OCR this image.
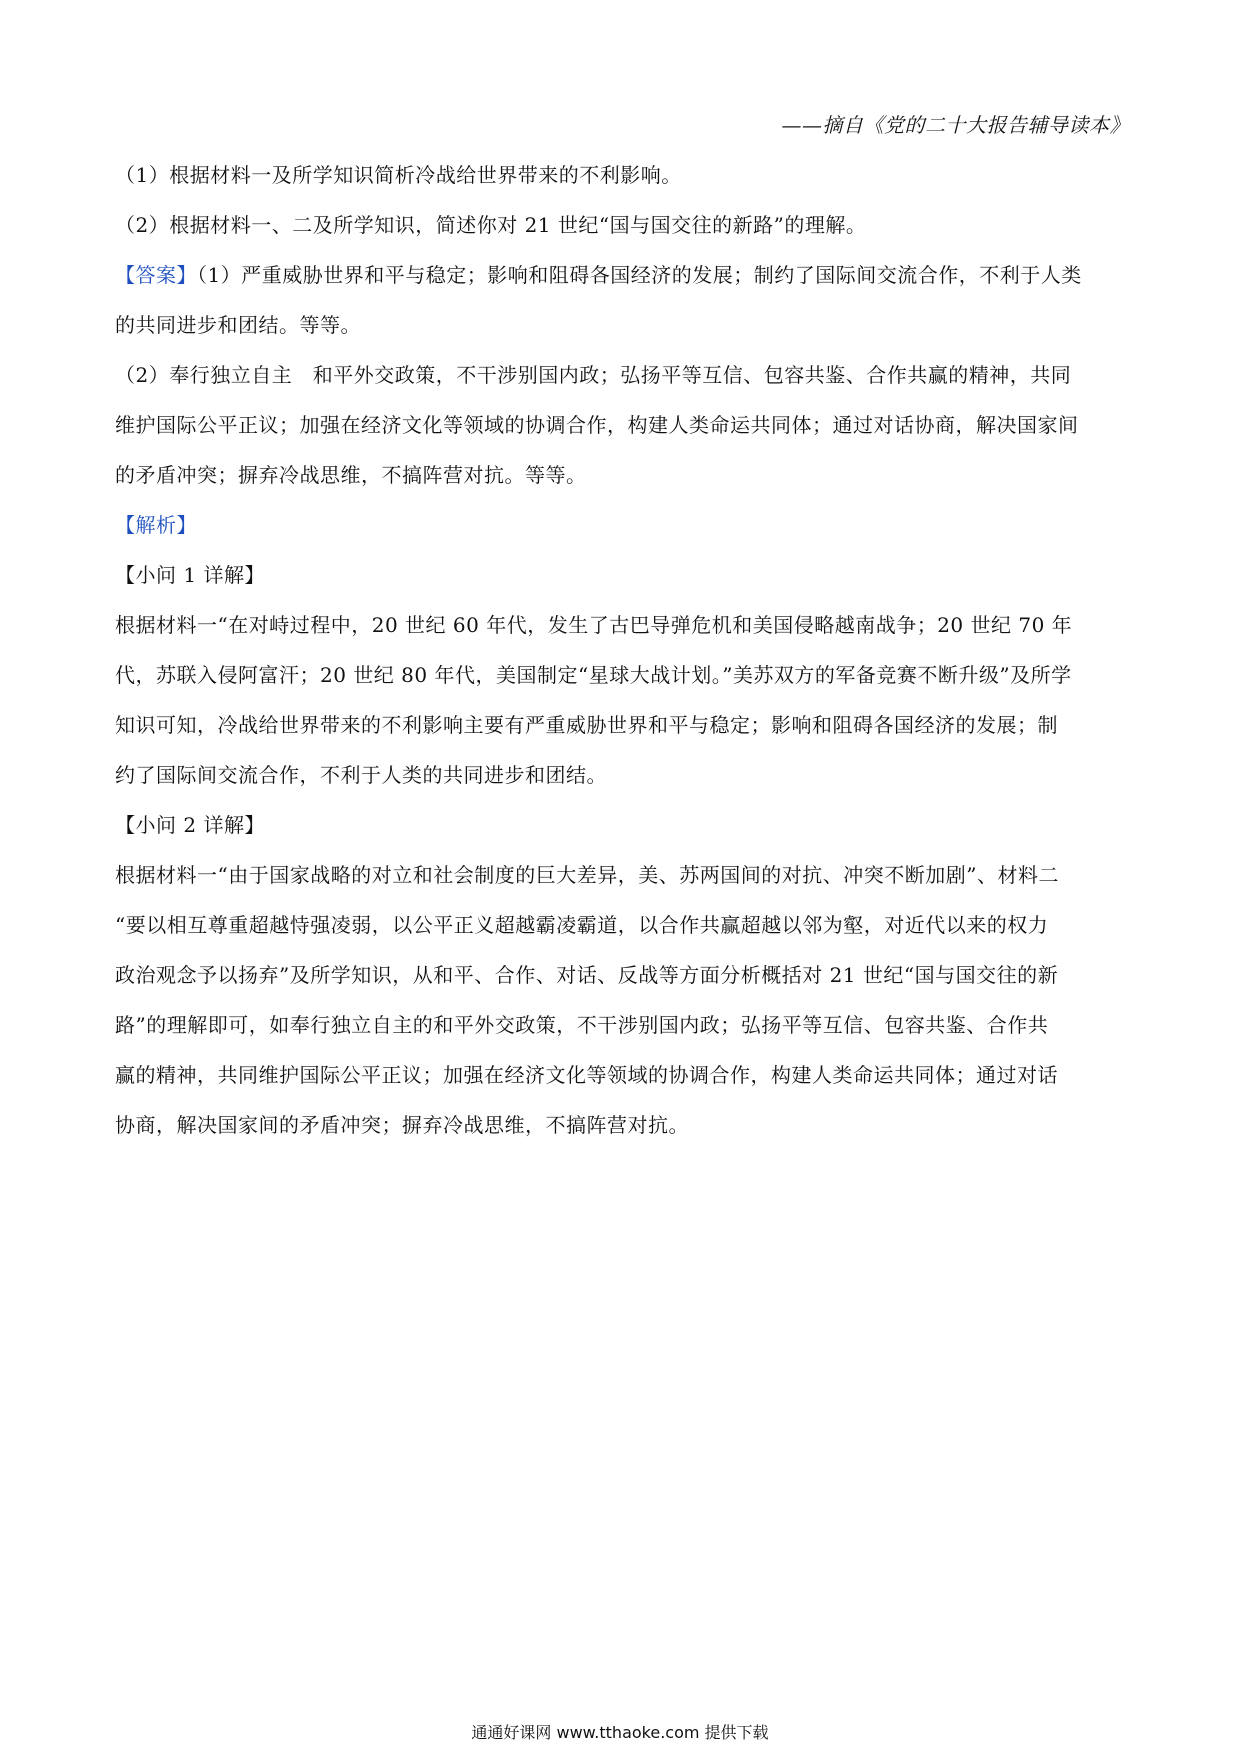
——摘自《党的二十大报告辅导读本》
（1）根据材料一及所学知识简析冷战给世界带来的不利影响。
（2）根据材料一、二及所学知识，简述你对 21 世纪“国与国交往的新路”的理解。
【答案】（1）严重威胁世界和平与稳定；影响和阻碍各国经济的发展；制约了国际间交流合作，不利于人类
的共同进步和团结。等等。
（2）奉行独立自主　和平外交政策，不干涉别国内政；弘扬平等互信、包容共鉴、合作共赢的精神，共同
维护国际公平正议；加强在经济文化等领域的协调合作，构建人类命运共同体；通过对话协商，解决国家间
的矛盾冲突；摒弃冷战思维，不搞阵营对抗。等等。
【解析】
【小问 1 详解】
根据材料一“在对峙过程中，20 世纪 60 年代，发生了古巴导弹危机和美国侵略越南战争；20 世纪 70 年
代，苏联入侵阿富汗；20 世纪 80 年代，美国制定“星球大战计划。”美苏双方的军备竞赛不断升级”及所学
知识可知，冷战给世界带来的不利影响主要有严重威胁世界和平与稳定；影响和阻碍各国经济的发展；制
约了国际间交流合作，不利于人类的共同进步和团结。
【小问 2 详解】
根据材料一“由于国家战略的对立和社会制度的巨大差异，美、苏两国间的对抗、冲突不断加剧”、材料二
“要以相互尊重超越恃强凌弱，以公平正义超越霸凌霸道，以合作共赢超越以邻为壑，对近代以来的权力
政治观念予以扬弃”及所学知识，从和平、合作、对话、反战等方面分析概括对 21 世纪“国与国交往的新
路”的理解即可，如奉行独立自主的和平外交政策，不干涉别国内政；弘扬平等互信、包容共鉴、合作共
赢的精神，共同维护国际公平正议；加强在经济文化等领域的协调合作，构建人类命运共同体；通过对话
协商，解决国家间的矛盾冲突；摒弃冷战思维，不搞阵营对抗。
通通好课网 www.tthaoke.com 提供下载
